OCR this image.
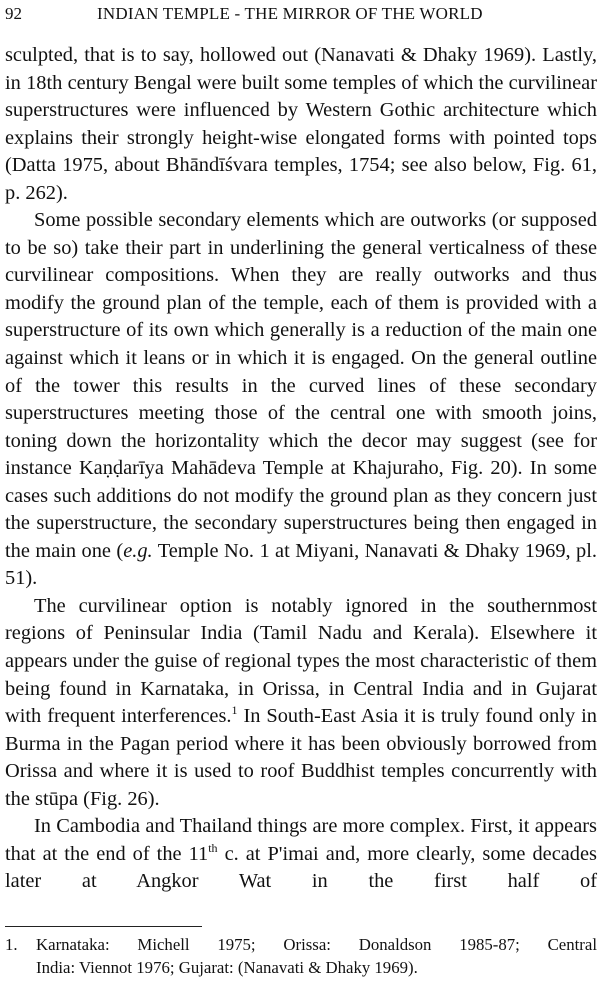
92	INDIAN TEMPLE - THE MIRROR OF THE WORLD

sculpted, that is to say, hollowed out (Nanavati & Dhaky 1969). Lastly, in 18th century Bengal were built some temples of which the curvilinear superstructures were influenced by Western Gothic architecture which explains their strongly height-wise elongated forms with pointed tops (Datta 1975, about Bhāndīśvara temples, 1754; see also below, Fig. 61, p. 262).

Some possible secondary elements which are outworks (or supposed to be so) take their part in underlining the general verticalness of these curvilinear compositions. When they are really outworks and thus modify the ground plan of the temple, each of them is provided with a superstructure of its own which generally is a reduction of the main one against which it leans or in which it is engaged. On the general outline of the tower this results in the curved lines of these secondary superstructures meeting those of the central one with smooth joins, toning down the horizontality which the decor may suggest (see for instance Kaṇḍarīya Mahādeva Temple at Khajuraho, Fig. 20). In some cases such additions do not modify the ground plan as they concern just the superstructure, the secondary superstructures being then engaged in the main one (e.g. Temple No. 1 at Miyani, Nanavati & Dhaky 1969, pl. 51).

The curvilinear option is notably ignored in the southernmost regions of Peninsular India (Tamil Nadu and Kerala). Elsewhere it appears under the guise of regional types the most characteristic of them being found in Karnataka, in Orissa, in Central India and in Gujarat with frequent interferences.$^1$ In South-East Asia it is truly found only in Burma in the Pagan period where it has been obviously borrowed from Orissa and where it is used to roof Buddhist temples concurrently with the stūpa (Fig. 26).

In Cambodia and Thailand things are more complex. First, it appears that at the end of the 11th c. at P'imai and, more clearly, some decades later at Angkor Wat in the first half of

1. Karnataka: Michell 1975; Orissa: Donaldson 1985-87; Central
India: Viennot 1976; Gujarat: (Nanavati & Dhaky 1969).
